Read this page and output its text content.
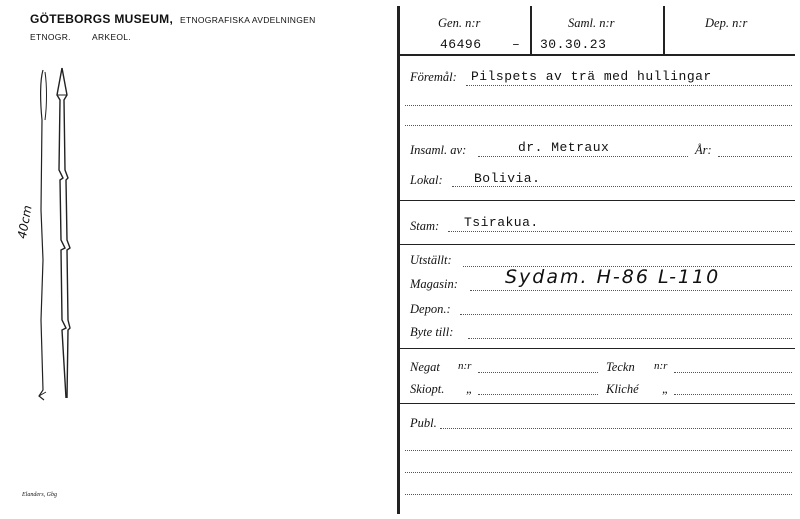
GÖTEBORGS MUSEUM, ETNOGRAFISKA AVDELNINGEN
ETNOGR. ARKEOL.
40cm
Elanders, Gbg
Gen. n:r	Saml. n:r	Dep. n:r
46496 – 30.30.23
Föremål: Pilspets av trä med hullingar
Insaml. av:	dr. Metraux	År:
Lokal: Bolivia.
Stam: Tsirakua.
Utställt:
Magasin: Sydam. H-86 L-110
Depon.:
Byte till:
Negat n:r	Teckn n:r
Skiopt. „	Kliché „
Publ.
